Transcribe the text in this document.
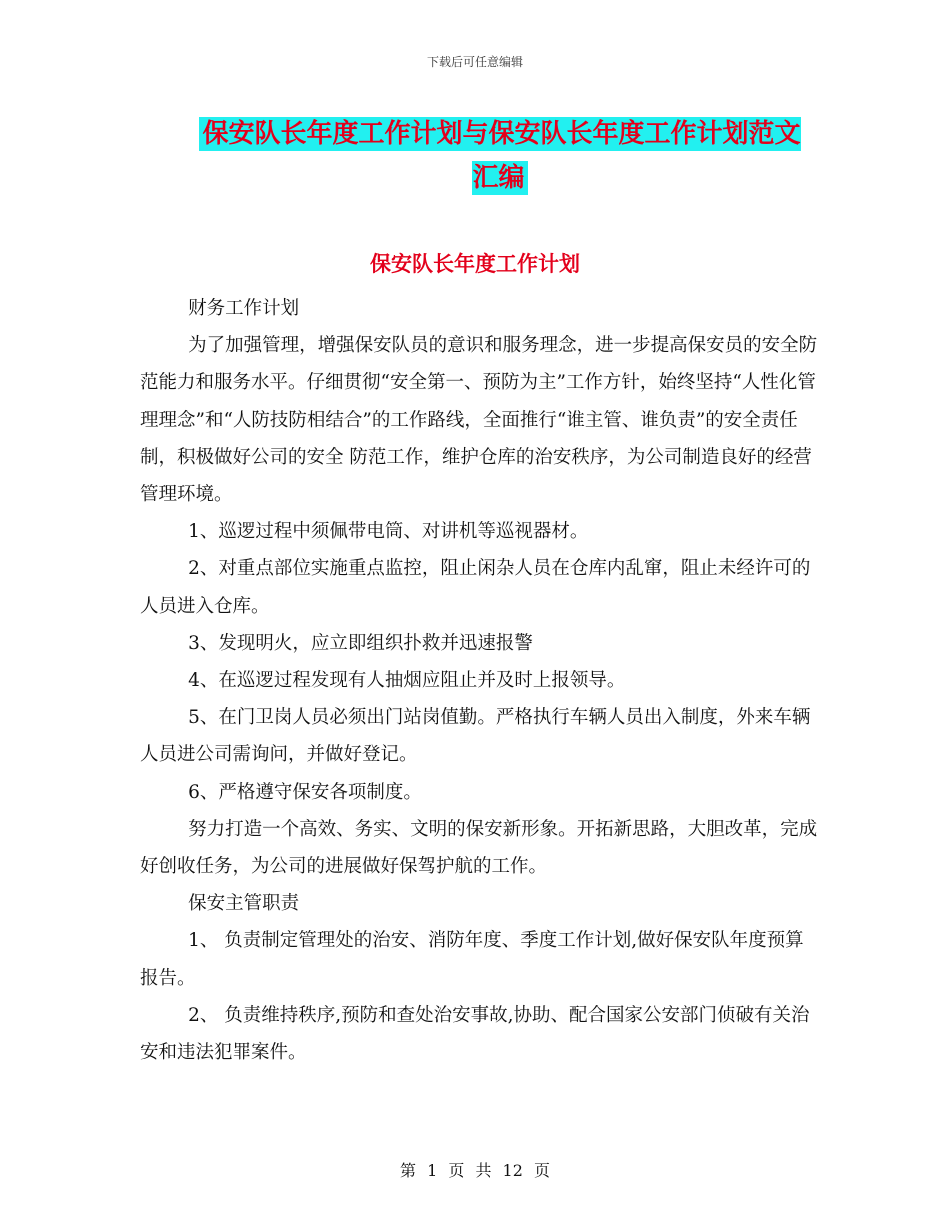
下载后可任意编辑
保安队长年度工作计划与保安队长年度工作计划范文汇编
保安队长年度工作计划

财务工作计划

为了加强管理，增强保安队员的意识和服务理念，进一步提高保安员的安全防范能力和服务水平。仔细贯彻“安全第一、预防为主”工作方针，始终坚持“人性化管理理念”和“人防技防相结合”的工作路线，全面推行“谁主管、谁负责”的安全责任制，积极做好公司的安全 防范工作，维护仓库的治安秩序，为公司制造良好的经营管理环境。

1、巡逻过程中须佩带电筒、对讲机等巡视器材。

2、对重点部位实施重点监控，阻止闲杂人员在仓库内乱窜，阻止未经许可的人员进入仓库。

3、发现明火，应立即组织扑救并迅速报警

4、在巡逻过程发现有人抽烟应阻止并及时上报领导。

5、在门卫岗人员必须出门站岗值勤。严格执行车辆人员出入制度，外来车辆人员进公司需询问，并做好登记。

6、严格遵守保安各项制度。

努力打造一个高效、务实、文明的保安新形象。开拓新思路，大胆改革，完成好创收任务，为公司的进展做好保驾护航的工作。

保安主管职责

1、 负责制定管理处的治安、消防年度、季度工作计划,做好保安队年度预算报告。

2、 负责维持秩序,预防和查处治安事故,协助、配合国家公安部门侦破有关治安和违法犯罪案件。

第 1 页 共 12 页
